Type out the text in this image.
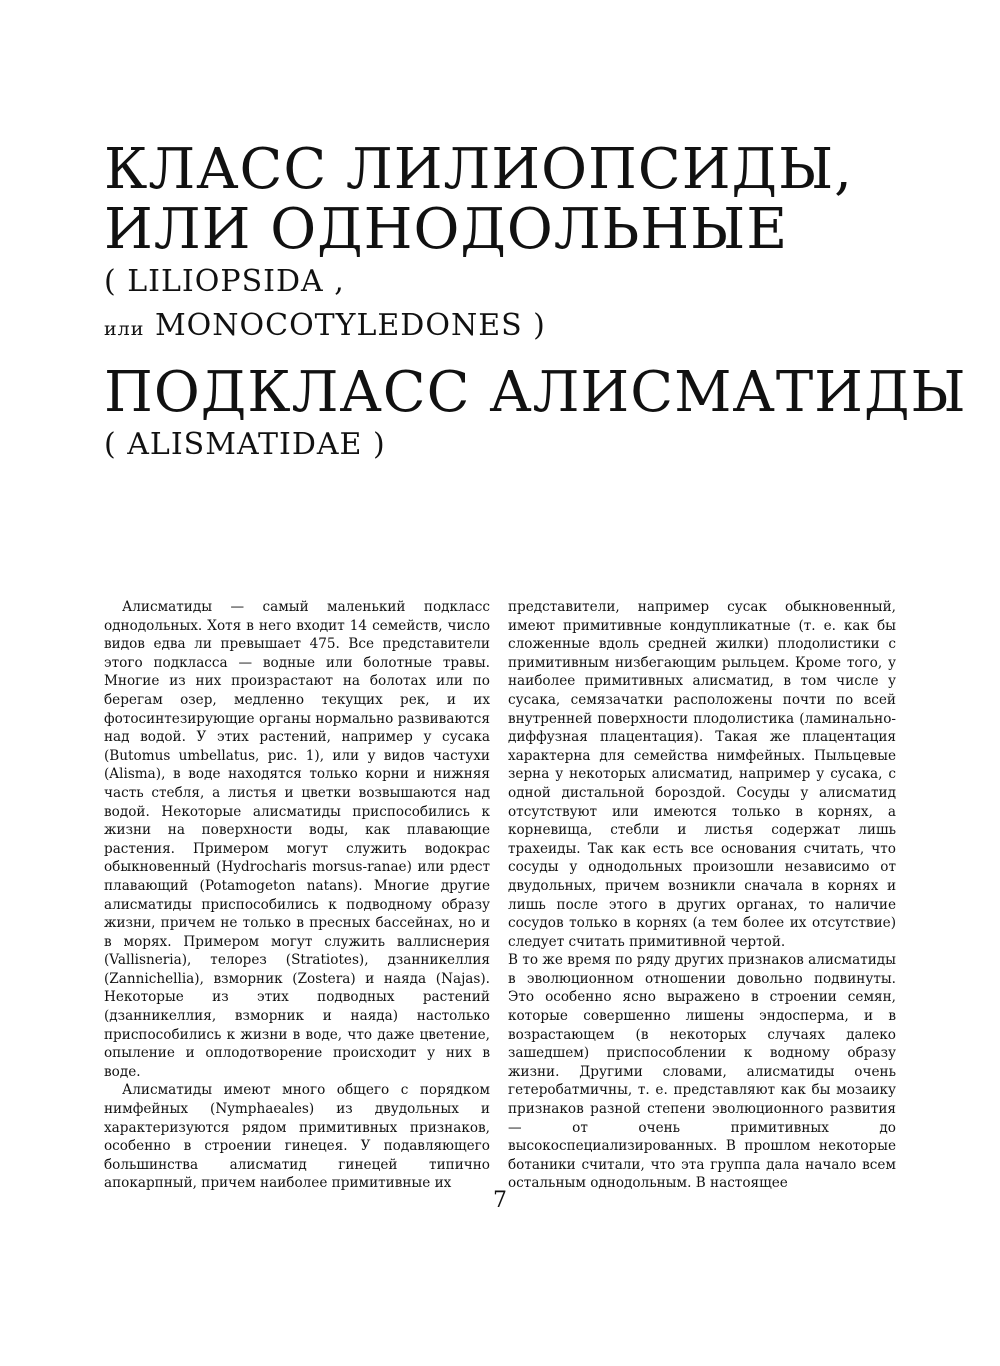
КЛАСС ЛИЛИОПСИДЫ,
ИЛИ ОДНОДОЛЬНЫЕ
( LILIOPSIDA ,
или MONOCOTYLEDONES )
ПОДКЛАСС АЛИСМАТИДЫ
( ALISMATIDAE )

Алисматиды — самый маленький подкласс однодольных. Хотя в него входит 14 семейств, число видов едва ли превышает 475. Все представители этого подкласса — водные или болотные травы. Многие из них произрастают на болотах или по берегам озер, медленно текущих рек, и их фотосинтезирующие органы нормально развиваются над водой. У этих растений, например у сусака (Butomus umbellatus, рис. 1), или у видов частухи (Alisma), в воде находятся только корни и нижняя часть стебля, а листья и цветки возвышаются над водой. Некоторые алисматиды приспособились к жизни на поверхности воды, как плавающие растения. Примером могут служить водокрас обыкновенный (Hydrocharis morsus-ranae) или рдест плавающий (Potamogeton natans). Многие другие алисматиды приспособились к подводному образу жизни, причем не только в пресных бассейнах, но и в морях. Примером могут служить валлиснерия (Vallisneria), телорез (Stratiotes), дзанникеллия (Zannichellia), взморник (Zostera) и наяда (Najas). Некоторые из этих подводных растений (дзанникеллия, взморник и наяда) настолько приспособились к жизни в воде, что даже цветение, опыление и оплодотворение происходит у них в воде.

Алисматиды имеют много общего с порядком нимфейных (Nymphaeales) из двудольных и характеризуются рядом примитивных признаков, особенно в строении гинецея. У подавляющего большинства алисматид гинецей типично апокарпный, причем наиболее примитивные их

представители, например сусак обыкновенный, имеют примитивные кондупликатные (т. е. как бы сложенные вдоль средней жилки) плодолистики с примитивным низбегающим рыльцем. Кроме того, у наиболее примитивных алисматид, в том числе у сусака, семязачатки расположены почти по всей внутренней поверхности плодолистика (ламинально-диффузная плацентация). Такая же плацентация характерна для семейства нимфейных. Пыльцевые зерна у некоторых алисматид, например у сусака, с одной дистальной бороздой. Сосуды у алисматид отсутствуют или имеются только в корнях, а корневища, стебли и листья содержат лишь трахеиды. Так как есть все основания считать, что сосуды у однодольных произошли независимо от двудольных, причем возникли сначала в корнях и лишь после этого в других органах, то наличие сосудов только в корнях (а тем более их отсутствие) следует считать примитивной чертой.

В то же время по ряду других признаков алисматиды в эволюционном отношении довольно подвинуты. Это особенно ясно выражено в строении семян, которые совершенно лишены эндосперма, и в возрастающем (в некоторых случаях далеко зашедшем) приспособлении к водному образу жизни. Другими словами, алисматиды очень гетеробатмичны, т. е. представляют как бы мозаику признаков разной степени эволюционного развития — от очень примитивных до высокоспециализированных. В прошлом некоторые ботаники считали, что эта группа дала начало всем остальным однодольным. В настоящее

7
